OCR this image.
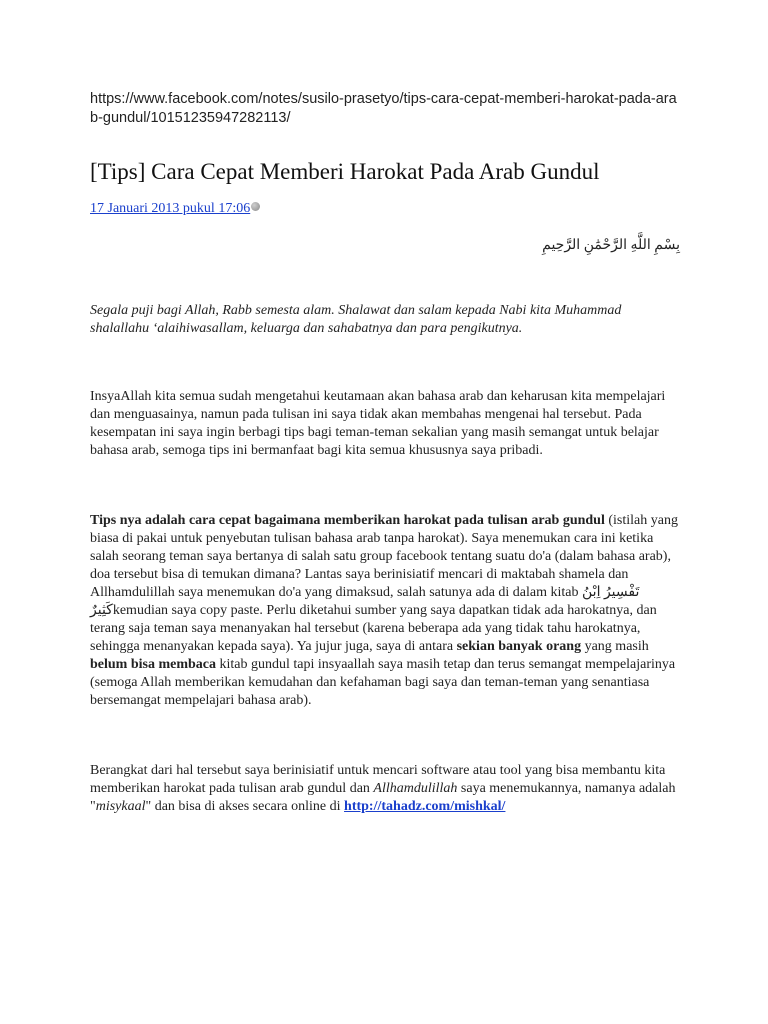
https://www.facebook.com/notes/susilo-prasetyo/tips-cara-cepat-memberi-harokat-pada-arab-gundul/10151235947282113/

[Tips] Cara Cepat Memberi Harokat Pada Arab Gundul

17 Januari 2013 pukul 17:06

بِسْمِ اللَّهِ الرَّحْمَٰنِ الرَّحِيمِ

Segala puji bagi Allah, Rabb semesta alam. Shalawat dan salam kepada Nabi kita Muhammad shalallahu ‘alaihiwasallam, keluarga dan sahabatnya dan para pengikutnya.

InsyaAllah kita semua sudah mengetahui keutamaan akan bahasa arab dan keharusan kita mempelajari dan menguasainya, namun pada tulisan ini saya tidak akan membahas mengenai hal tersebut. Pada kesempatan ini saya ingin berbagi tips bagi teman-teman sekalian yang masih semangat untuk belajar bahasa arab, semoga tips ini bermanfaat bagi kita semua khususnya saya pribadi.

Tips nya adalah cara cepat bagaimana memberikan harokat pada tulisan arab gundul (istilah yang biasa di pakai untuk penyebutan tulisan bahasa arab tanpa harokat). Saya menemukan cara ini ketika salah seorang teman saya bertanya di salah satu group facebook tentang suatu do'a (dalam bahasa arab), doa tersebut bisa di temukan dimana? Lantas saya berinisiatif mencari di maktabah shamela dan Allhamdulillah saya menemukan do'a yang dimaksud, salah satunya ada di dalam kitab تَفْسِيرُ اِبْنُ كَثِيرٌkemudian saya copy paste. Perlu diketahui sumber yang saya dapatkan tidak ada harokatnya, dan terang saja teman saya menanyakan hal tersebut (karena beberapa ada yang tidak tahu harokatnya, sehingga menanyakan kepada saya). Ya jujur juga, saya di antara sekian banyak orang yang masih belum bisa membaca kitab gundul tapi insyaallah saya masih tetap dan terus semangat mempelajarinya (semoga Allah memberikan kemudahan dan kefahaman bagi saya dan teman-teman yang senantiasa bersemangat mempelajari bahasa arab).

Berangkat dari hal tersebut saya berinisiatif untuk mencari software atau tool yang bisa membantu kita memberikan harokat pada tulisan arab gundul dan Allhamdulillah saya menemukannya, namanya adalah "misykaal" dan bisa di akses secara online di http://tahadz.com/mishkal/
